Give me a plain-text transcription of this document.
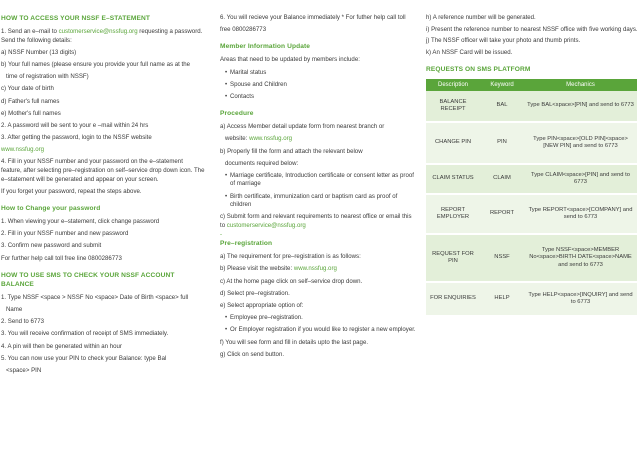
HOW TO ACCESS YOUR NSSF E–STATEMENT

1. Send an e–mail to customerservice@nssfug.org requesting a password. Send the following details:

a) NSSF Number (13 digits)

b) Your full names (please ensure you provide your full name as at the

time of registration with NSSF)

c) Your date of birth

d) Father's full names

e) Mother's full names

2. A password will be sent to your e –mail within 24 hrs

3. After getting the password, login to the NSSF website

www.nssfug.org

4. Fill in your NSSF number and your password on the e–statement feature, after selecting pre–registration on self–service drop down icon. The e–statement will be generated and appear on your screen.

If you forget your password, repeat the steps above.

How to Change your password

1. When viewing your e–statement, click change password

2. Fill in your NSSF number and new password

3. Confirm new password and submit

For further help call toll free line 0800286773

HOW TO USE SMS TO CHECK YOUR NSSF ACCOUNT BALANCE

1. Type NSSF <space > NSSF No <space> Date of Birth <space> full

Name

2. Send to 6773

3. You will receive confirmation of receipt of SMS immediately.

4. A pin will then be generated within an hour

5. You can now use your PIN to check your Balance: type Bal

<space> PIN

6. You will recieve your Balance immediately * For futher help call toll

free 0800286773

Member Information Update

Areas that need to be updated by members include:

• Marital status
• Spouse and Children
• Contacts
Procedure

a) Access Member detail update form from nearest branch or

website: www.nssfug.org

b) Properly fill the form and attach the relevant below

documents required below:

• Marriage certificate, Introduction certificate or consent letter as proof of marriage
• Birth certificate, immunization card or baptism card as proof of children

c) Submit form and relevant requirements to nearest office or email this to customerservice@nssfug.org

-

Pre–registration

a) The requirement for pre–registration is as follows:

b) Please visit the website: www.nssfug.org

c) At the home page click on self–service drop down.

d) Select pre–registration.

e) Select appropriate option of:

• Employee pre–registration.
• Or Employer registration if you would like to register a new employer.

f) You will see form and fill in details upto the last page.

g) Click on send button.

h) A reference number will be generated.

i) Present the reference number to nearest NSSF office with five working days.

j) The NSSF officer will take your photo and thumb prints.

k) An NSSF Card will be issued.

REQUESTS ON SMS PLATFORM
Description	Keyword	Mechanics
BALANCE RECEIPT	BAL	Type BAL<space>[PIN] and send to 6773
CHANGE PIN	PIN	Type PIN<space>[OLD PIN]<space>[NEW PIN] and send to 6773
CLAIM STATUS	CLAIM	Type CLAIM<space>[PIN] and send to 6773
REPORT EMPLOYER	REPORT	Type REPORT<space>[COMPANY] and send to 6773
REQUEST FOR PIN	NSSF	Type NSSF<space>MEMBER No<space>BIRTH DATE<space>NAME and send to 6773
FOR ENQUIRIES	HELP	Type HELP<space>[INQUIRY] and send to 6773
